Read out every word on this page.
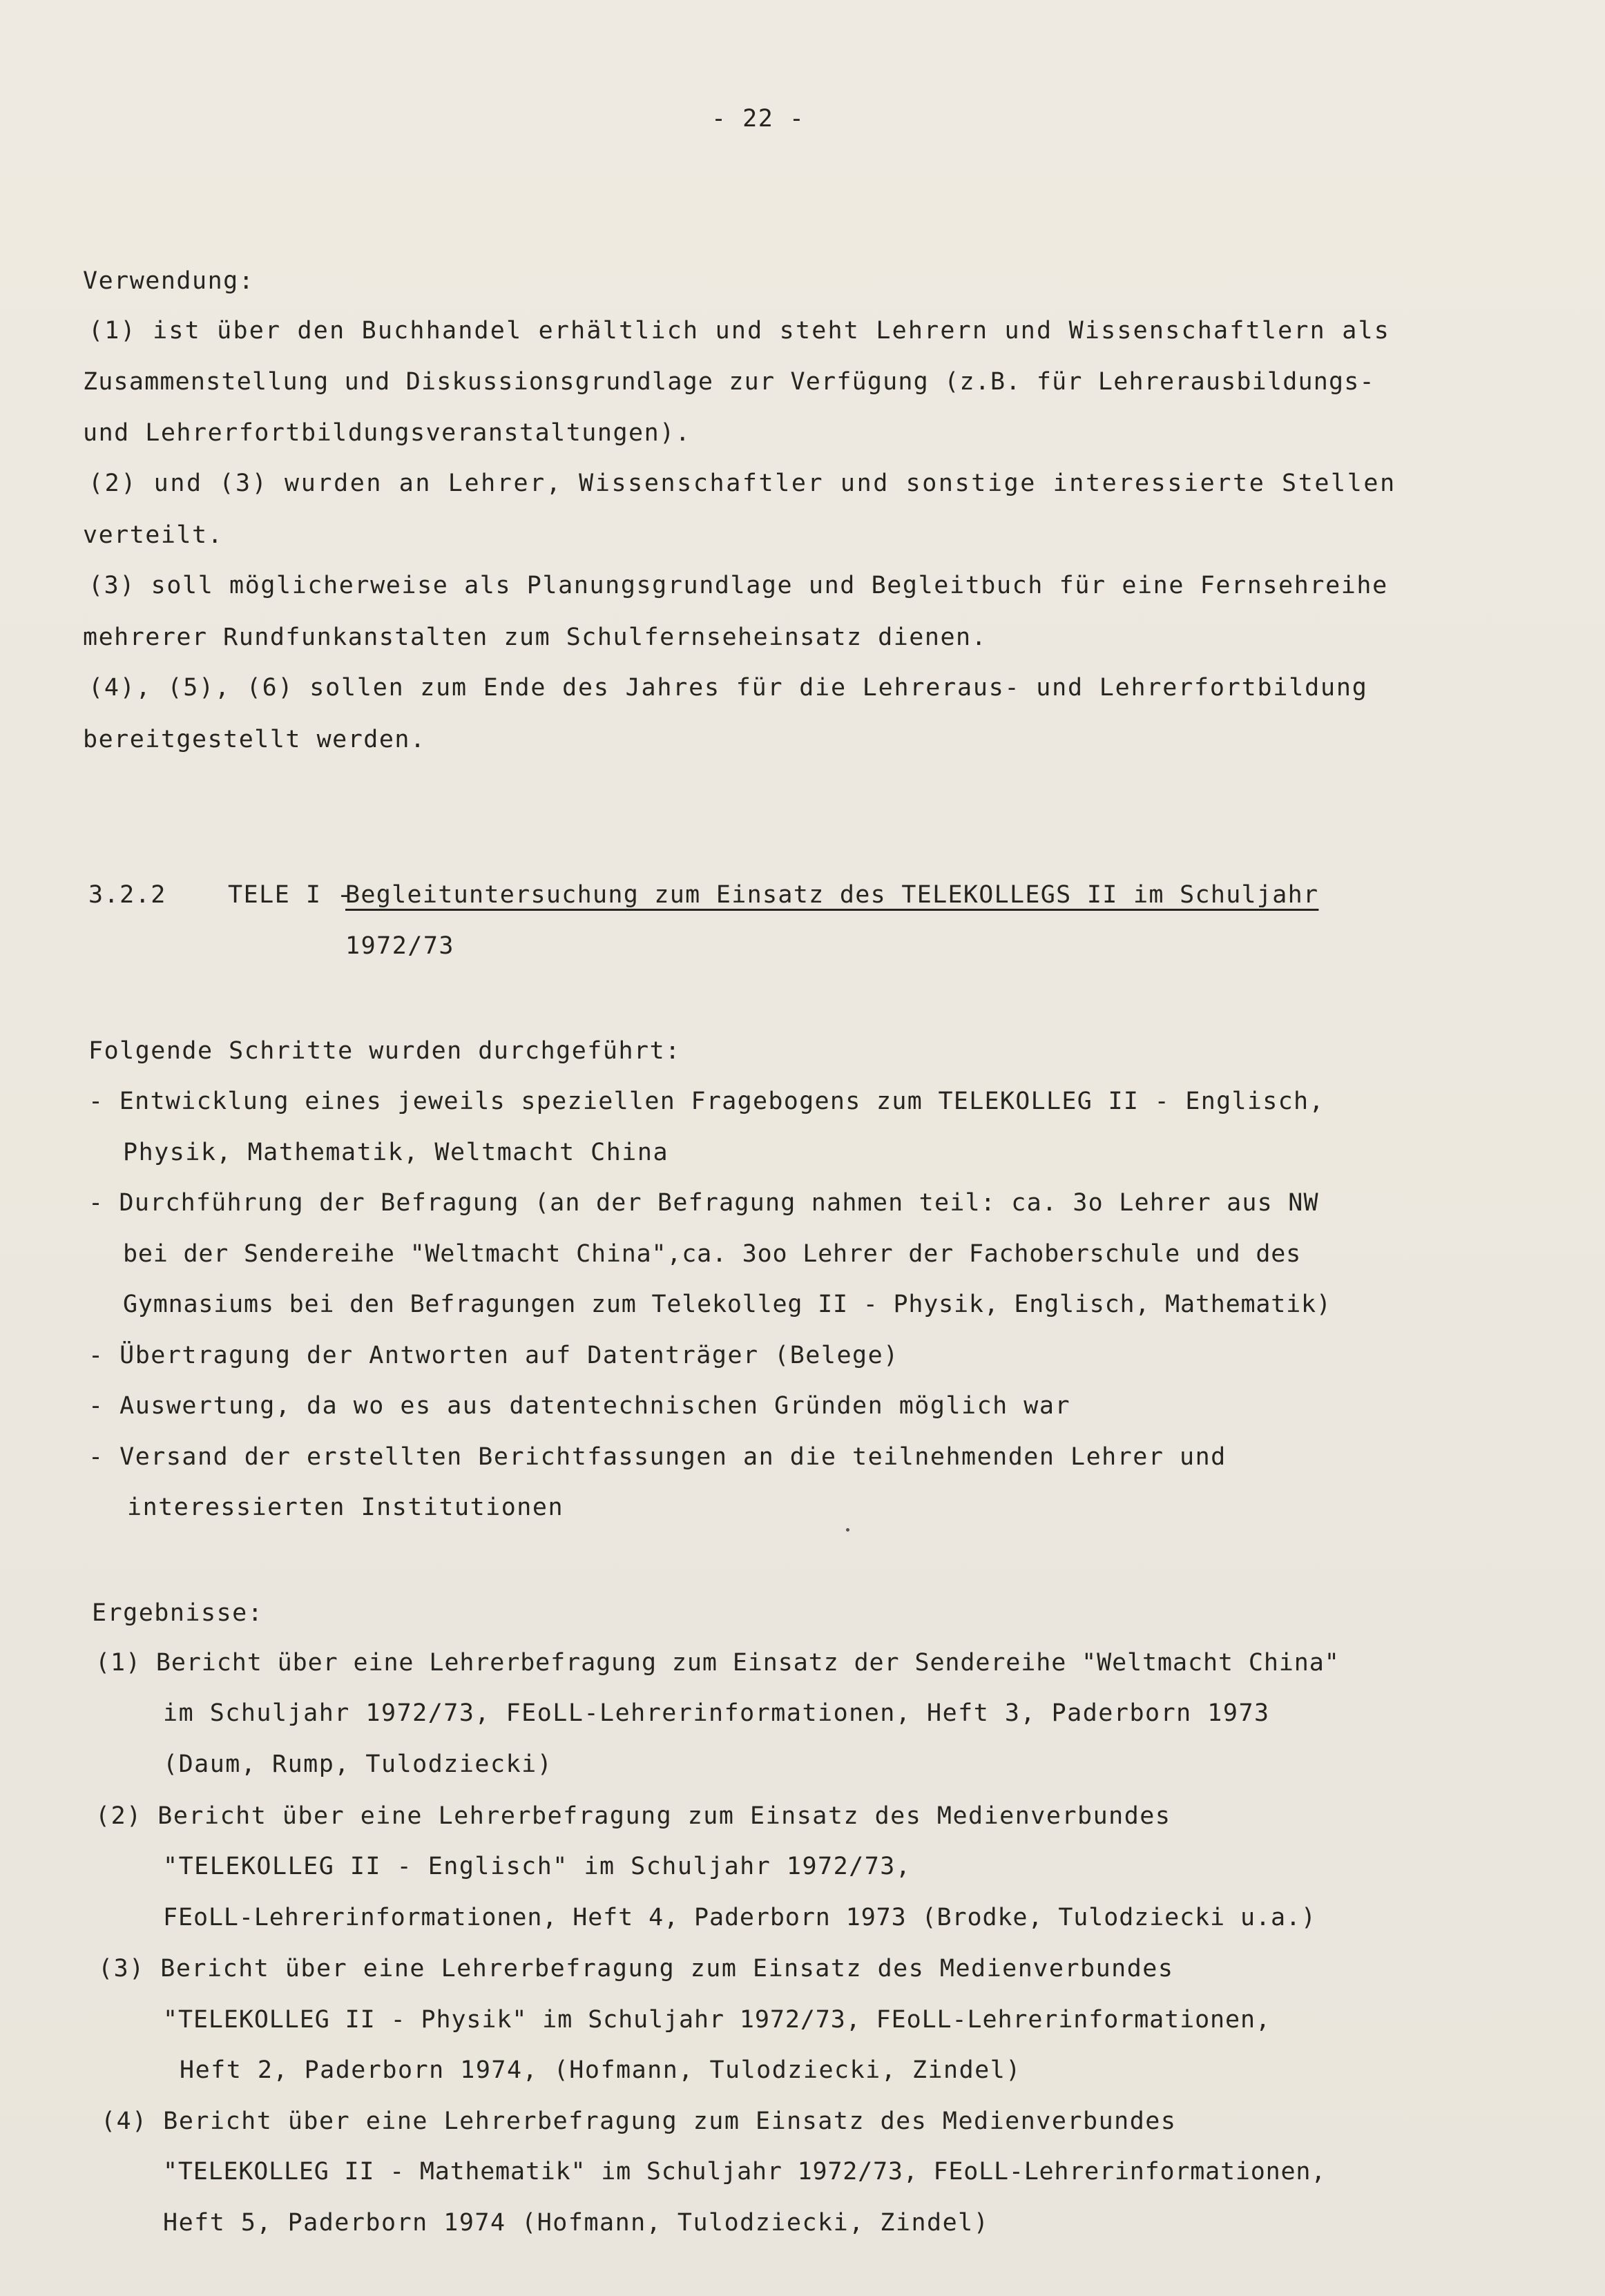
- 22 -
Verwendung:
(1) ist über den Buchhandel erhältlich und steht Lehrern und Wissenschaftlern als
Zusammenstellung und Diskussionsgrundlage zur Verfügung (z.B. für Lehrerausbildungs-
und Lehrerfortbildungsveranstaltungen).
(2) und (3) wurden an Lehrer, Wissenschaftler und sonstige interessierte Stellen
verteilt.
(3) soll möglicherweise als Planungsgrundlage und Begleitbuch für eine Fernsehreihe
mehrerer Rundfunkanstalten zum Schulfernseheinsatz dienen.
(4), (5), (6) sollen zum Ende des Jahres für die Lehreraus- und Lehrerfortbildung
bereitgestellt werden.
3.2.2	TELE I -
Begleituntersuchung zum Einsatz des TELEKOLLEGS II im Schuljahr
1972/73
Folgende Schritte wurden durchgeführt:
- Entwicklung eines jeweils speziellen Fragebogens zum TELEKOLLEG II - Englisch,
Physik, Mathematik, Weltmacht China
- Durchführung der Befragung (an der Befragung nahmen teil: ca. 3o Lehrer aus NW
bei der Sendereihe "Weltmacht China",ca. 3oo Lehrer der Fachoberschule und des
Gymnasiums bei den Befragungen zum Telekolleg II - Physik, Englisch, Mathematik)
- Übertragung der Antworten auf Datenträger (Belege)
- Auswertung, da wo es aus datentechnischen Gründen möglich war
- Versand der erstellten Berichtfassungen an die teilnehmenden Lehrer und
interessierten Institutionen
Ergebnisse:
(1) Bericht über eine Lehrerbefragung zum Einsatz der Sendereihe "Weltmacht China"
im Schuljahr 1972/73, FEoLL-Lehrerinformationen, Heft 3, Paderborn 1973
(Daum, Rump, Tulodziecki)
(2) Bericht über eine Lehrerbefragung zum Einsatz des Medienverbundes
"TELEKOLLEG II - Englisch" im Schuljahr 1972/73,
FEoLL-Lehrerinformationen, Heft 4, Paderborn 1973 (Brodke, Tulodziecki u.a.)
(3) Bericht über eine Lehrerbefragung zum Einsatz des Medienverbundes
"TELEKOLLEG II - Physik" im Schuljahr 1972/73, FEoLL-Lehrerinformationen,
Heft 2, Paderborn 1974, (Hofmann, Tulodziecki, Zindel)
(4) Bericht über eine Lehrerbefragung zum Einsatz des Medienverbundes
"TELEKOLLEG II - Mathematik" im Schuljahr 1972/73, FEoLL-Lehrerinformationen,
Heft 5, Paderborn 1974 (Hofmann, Tulodziecki, Zindel)
